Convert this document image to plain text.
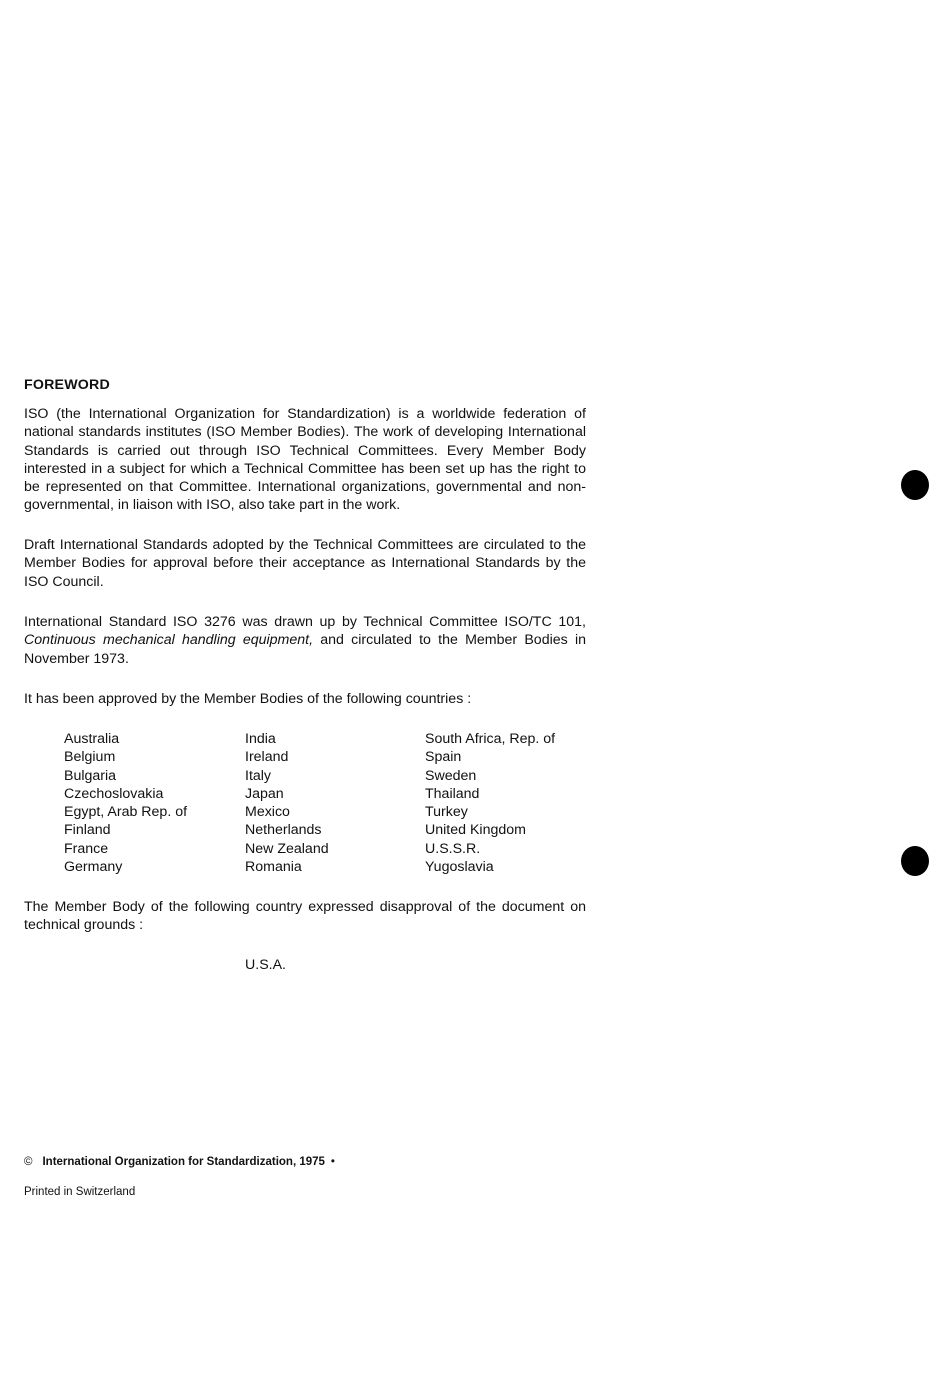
FOREWORD
ISO (the International Organization for Standardization) is a worldwide federation of national standards institutes (ISO Member Bodies). The work of developing International Standards is carried out through ISO Technical Committees. Every Member Body interested in a subject for which a Technical Committee has been set up has the right to be represented on that Committee. International organizations, governmental and non-governmental, in liaison with ISO, also take part in the work.
Draft International Standards adopted by the Technical Committees are circulated to the Member Bodies for approval before their acceptance as International Standards by the ISO Council.
International Standard ISO 3276 was drawn up by Technical Committee ISO/TC 101, Continuous mechanical handling equipment, and circulated to the Member Bodies in November 1973.
It has been approved by the Member Bodies of the following countries :
Australia
Belgium
Bulgaria
Czechoslovakia
Egypt, Arab Rep. of
Finland
France
Germany
India
Ireland
Italy
Japan
Mexico
Netherlands
New Zealand
Romania
South Africa, Rep. of
Spain
Sweden
Thailand
Turkey
United Kingdom
U.S.S.R.
Yugoslavia
The Member Body of the following country expressed disapproval of the document on technical grounds :
U.S.A.
© International Organization for Standardization, 1975 •
Printed in Switzerland
